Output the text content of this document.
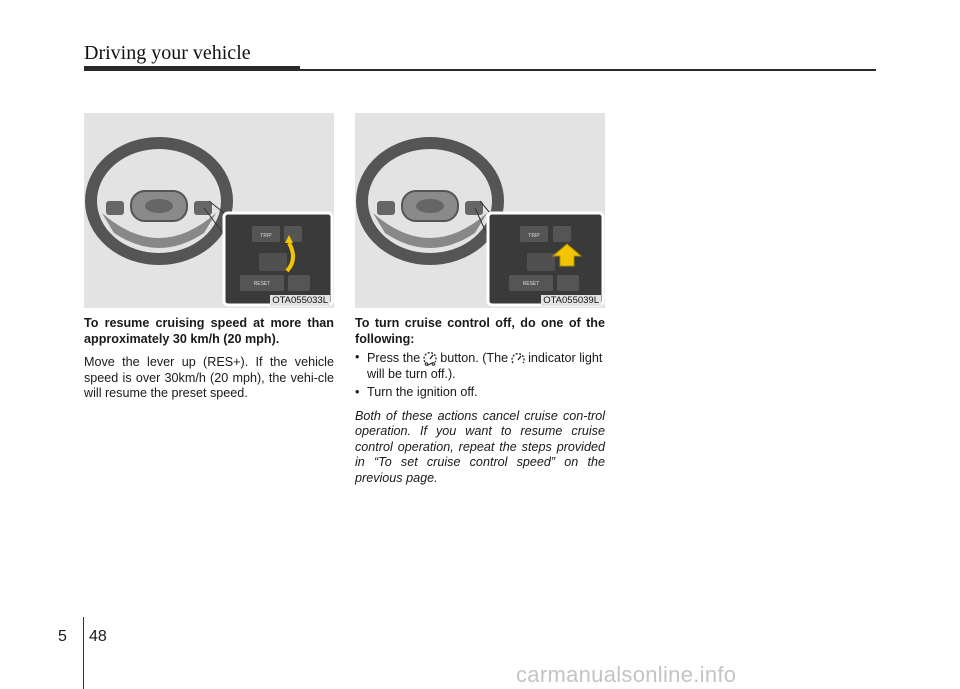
Driving your vehicle
TRIP
RESET
OTA055033L
TRIP
RESET
OTA055039L

To resume cruising speed at more than approximately 30 km/h (20 mph).

Move the lever up (RES+). If the vehicle speed is over 30km/h (20 mph), the vehi-cle will resume the preset speed.

To turn cruise control off, do one of the following:

• Press the button. (The indicator light will be turn off.).

• Turn the ignition off.

Both of these actions cancel cruise con-trol operation. If you want to resume cruise control operation, repeat the steps provided in “To set cruise control speed” on the previous page.

5 48
carmanualsonline.info
